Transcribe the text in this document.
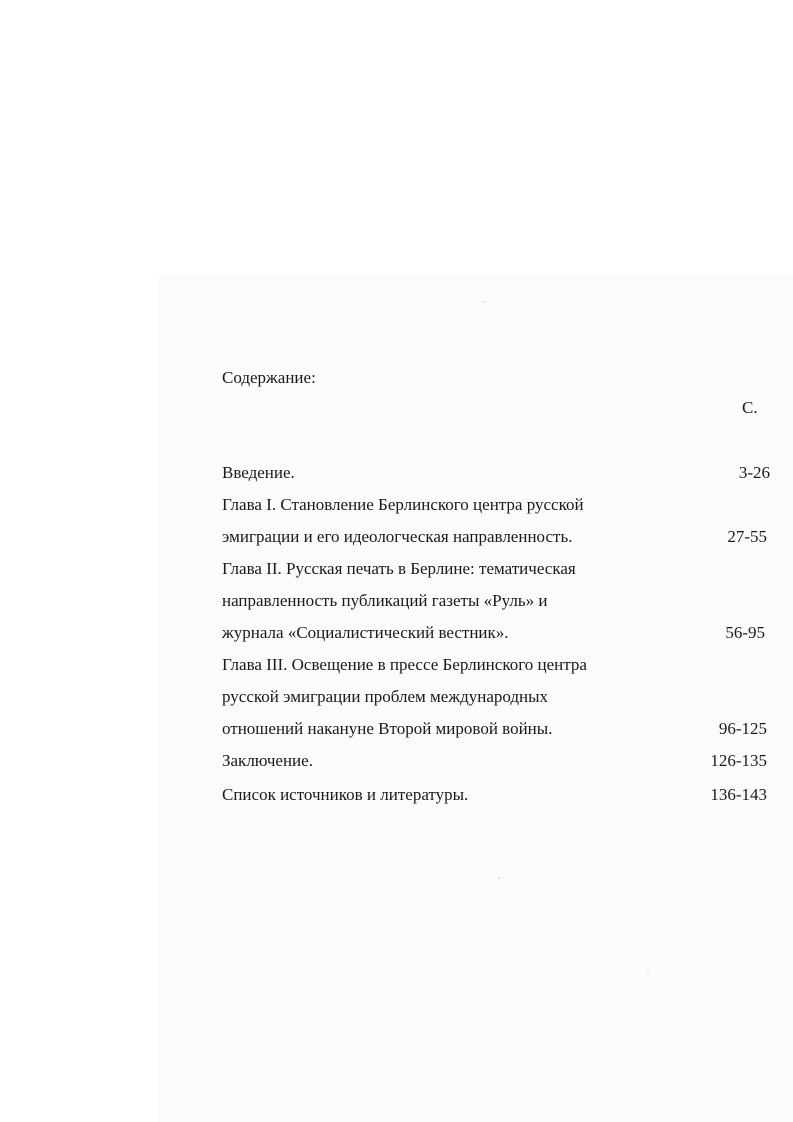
Содержание:
С.
Введение.	3-26
Глава I. Становление Берлинского центра русской
эмиграции и его идеологческая направленность.	27-55
Глава II. Русская печать в Берлине: тематическая
направленность публикаций газеты «Руль» и
журнала «Социалистический вестник».	56-95
Глава III. Освещение в прессе Берлинского центра
русской эмиграции проблем международных
отношений накануне Второй мировой войны.	96-125
Заключение.	126-135
Список источников и литературы.	136-143
